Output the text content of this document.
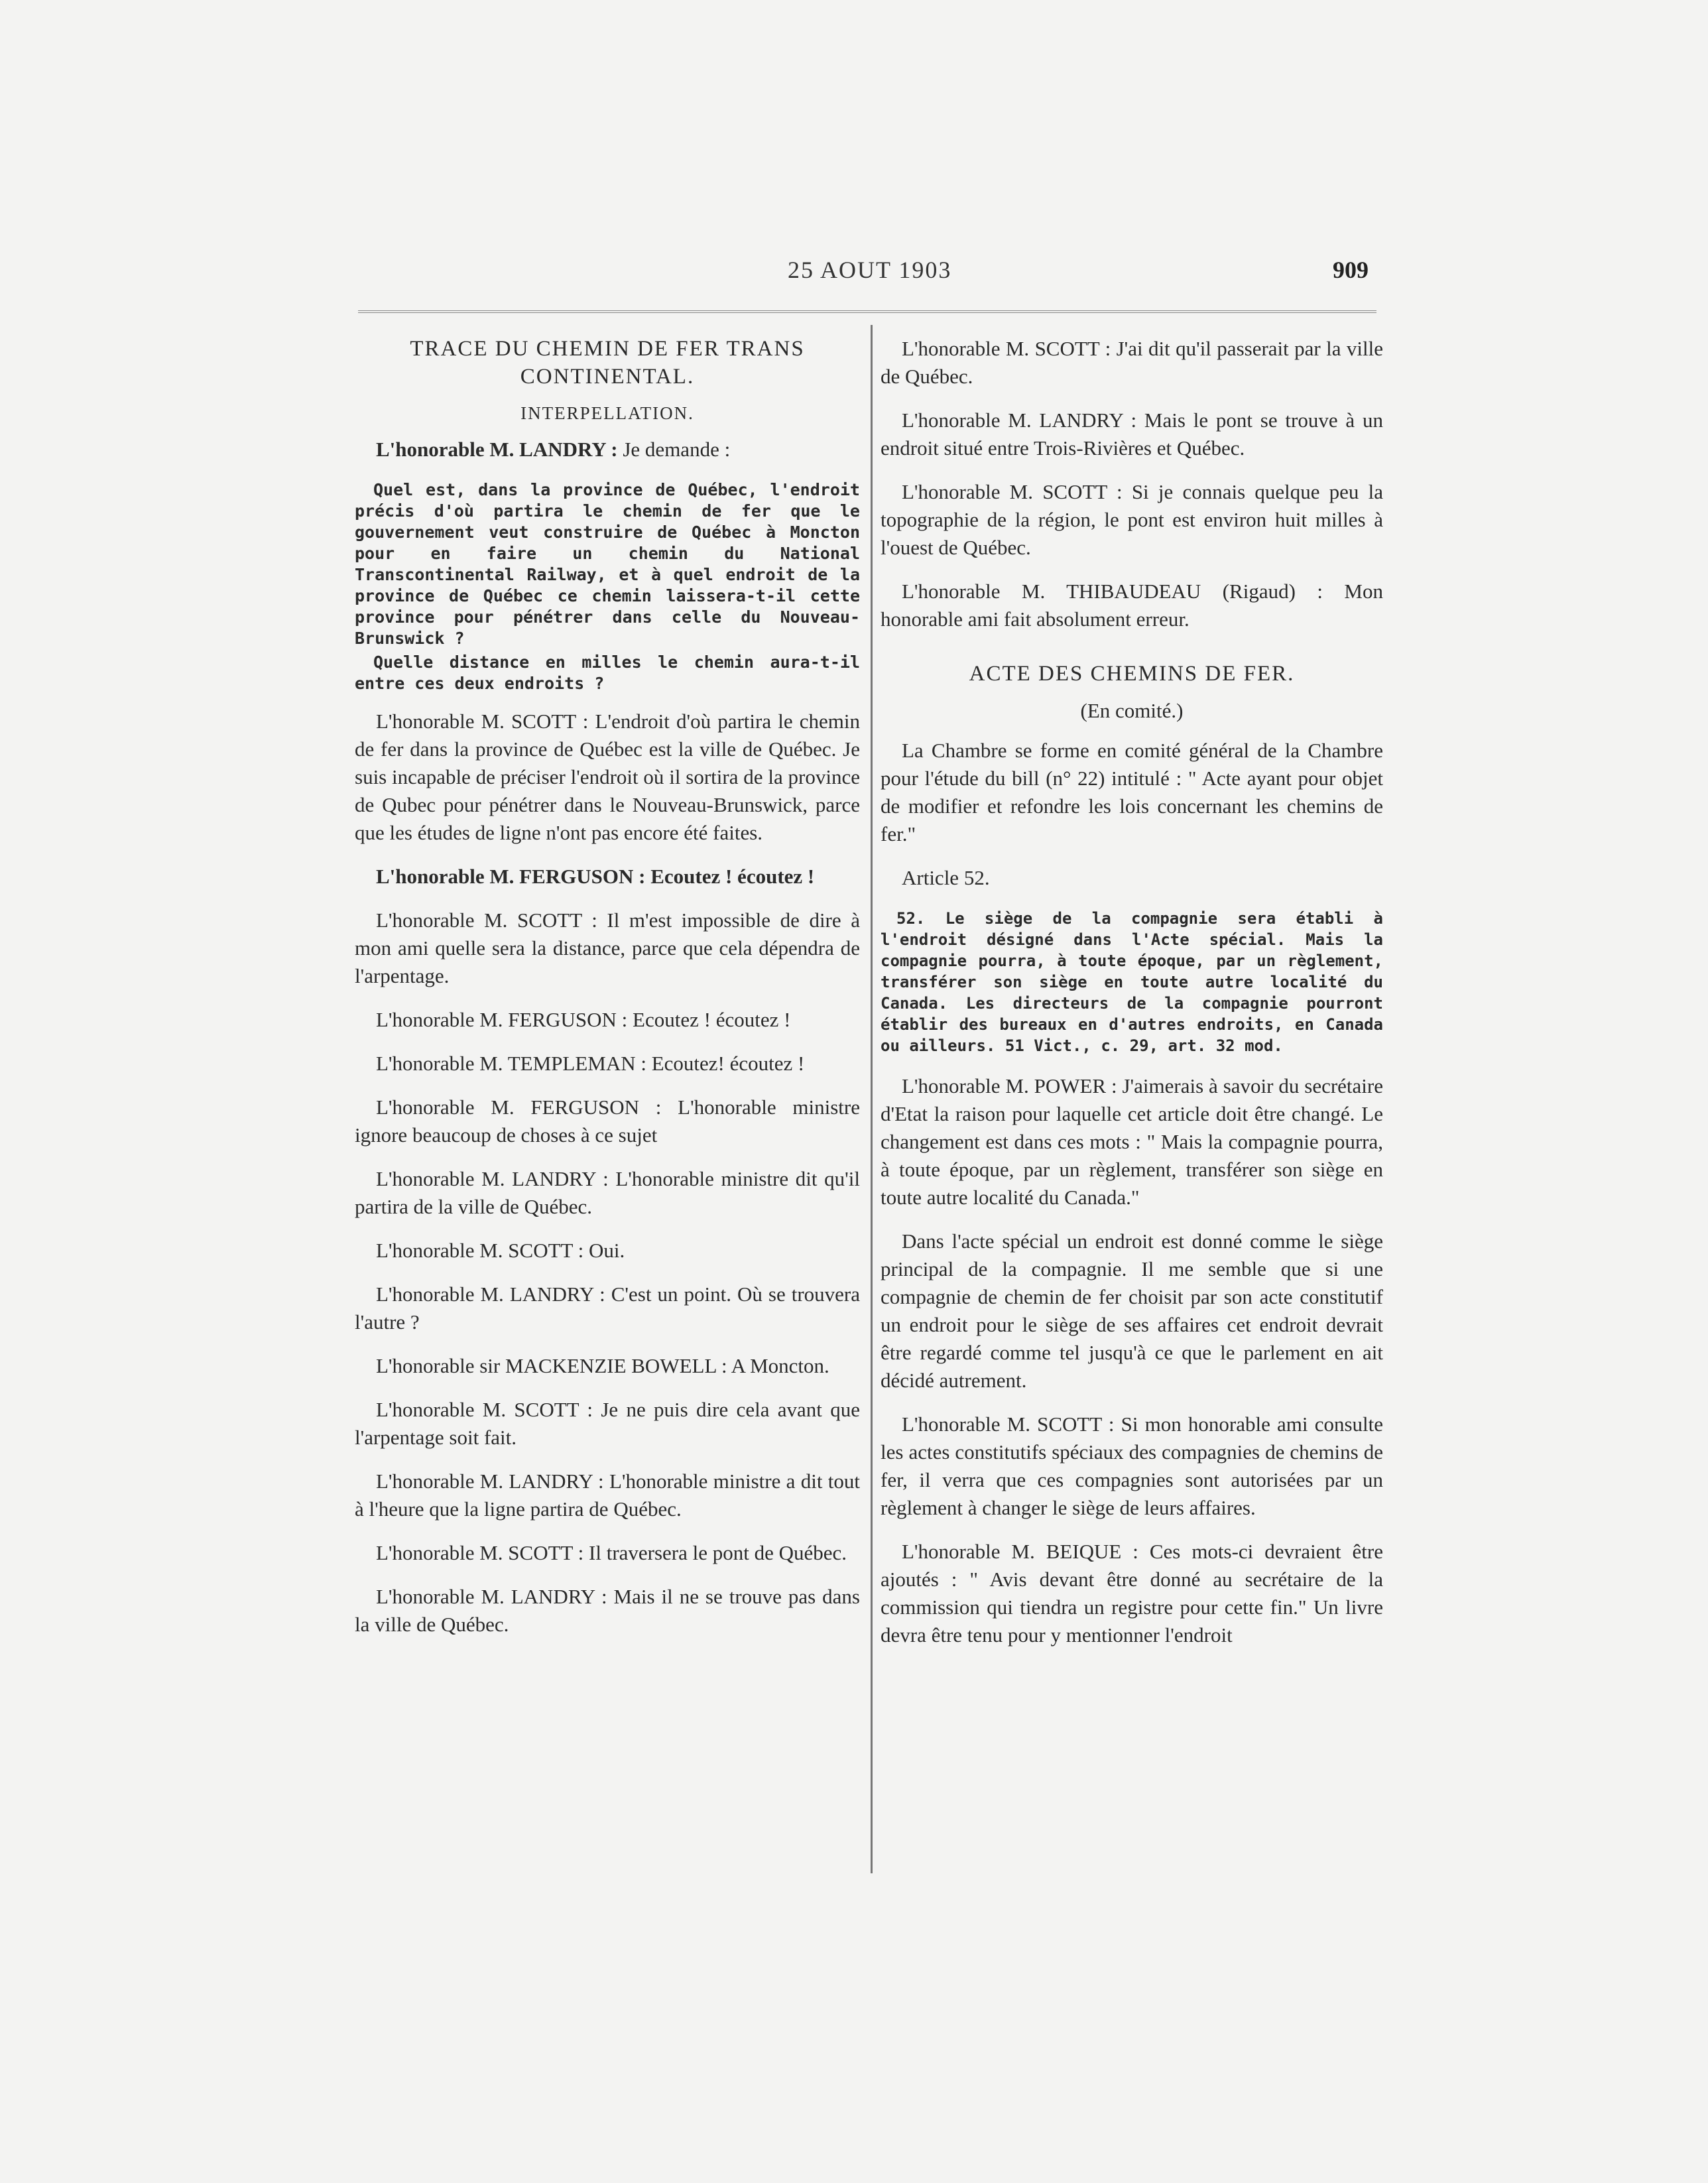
25 AOUT 1903	909
TRACE DU CHEMIN DE FER TRANS CONTINENTAL.
INTERPELLATION.

L'honorable M. LANDRY : Je demande :

Quel est, dans la province de Québec, l'endroit précis d'où partira le chemin de fer que le gouvernement veut construire de Québec à Moncton pour en faire un chemin du National Transcontinental Railway, et à quel endroit de la province de Québec ce chemin laissera-t-il cette province pour pénétrer dans celle du Nouveau-Brunswick ?
Quelle distance en milles le chemin aura-t-il entre ces deux endroits ?

L'honorable M. SCOTT : L'endroit d'où partira le chemin de fer dans la province de Québec est la ville de Québec. Je suis incapable de préciser l'endroit où il sortira de la province de Qubec pour pénétrer dans le Nouveau-Brunswick, parce que les études de ligne n'ont pas encore été faites.

L'honorable M. FERGUSON : Ecoutez ! écoutez !

L'honorable M. SCOTT : Il m'est impossible de dire à mon ami quelle sera la distance, parce que cela dépendra de l'arpentage.

L'honorable M. FERGUSON : Ecoutez ! écoutez !

L'honorable M. TEMPLEMAN : Ecoutez! écoutez !

L'honorable M. FERGUSON : L'honorable ministre ignore beaucoup de choses à ce sujet

L'honorable M. LANDRY : L'honorable ministre dit qu'il partira de la ville de Québec.

L'honorable M. SCOTT : Oui.

L'honorable M. LANDRY : C'est un point. Où se trouvera l'autre ?

L'honorable sir MACKENZIE BOWELL : A Moncton.

L'honorable M. SCOTT : Je ne puis dire cela avant que l'arpentage soit fait.

L'honorable M. LANDRY : L'honorable ministre a dit tout à l'heure que la ligne partira de Québec.

L'honorable M. SCOTT : Il traversera le pont de Québec.

L'honorable M. LANDRY : Mais il ne se trouve pas dans la ville de Québec.

L'honorable M. SCOTT : J'ai dit qu'il passerait par la ville de Québec.

L'honorable M. LANDRY : Mais le pont se trouve à un endroit situé entre Trois-Rivières et Québec.

L'honorable M. SCOTT : Si je connais quelque peu la topographie de la région, le pont est environ huit milles à l'ouest de Québec.

L'honorable M. THIBAUDEAU (Rigaud) : Mon honorable ami fait absolument erreur.

ACTE DES CHEMINS DE FER.

(En comité.)

La Chambre se forme en comité général de la Chambre pour l'étude du bill (n° 22) intitulé : " Acte ayant pour objet de modifier et refondre les lois concernant les chemins de fer."

Article 52.

52. Le siège de la compagnie sera établi à l'endroit désigné dans l'Acte spécial. Mais la compagnie pourra, à toute époque, par un règlement, transférer son siège en toute autre localité du Canada. Les directeurs de la compagnie pourront établir des bureaux en d'autres endroits, en Canada ou ailleurs. 51 Vict., c. 29, art. 32 mod.

L'honorable M. POWER : J'aimerais à savoir du secrétaire d'Etat la raison pour laquelle cet article doit être changé. Le changement est dans ces mots : " Mais la compagnie pourra, à toute époque, par un règlement, transférer son siège en toute autre localité du Canada."

Dans l'acte spécial un endroit est donné comme le siège principal de la compagnie. Il me semble que si une compagnie de chemin de fer choisit par son acte constitutif un endroit pour le siège de ses affaires cet endroit devrait être regardé comme tel jusqu'à ce que le parlement en ait décidé autrement.

L'honorable M. SCOTT : Si mon honorable ami consulte les actes constitutifs spéciaux des compagnies de chemins de fer, il verra que ces compagnies sont autorisées par un règlement à changer le siège de leurs affaires.

L'honorable M. BEIQUE : Ces mots-ci devraient être ajoutés : " Avis devant être donné au secrétaire de la commission qui tiendra un registre pour cette fin." Un livre devra être tenu pour y mentionner l'endroit
